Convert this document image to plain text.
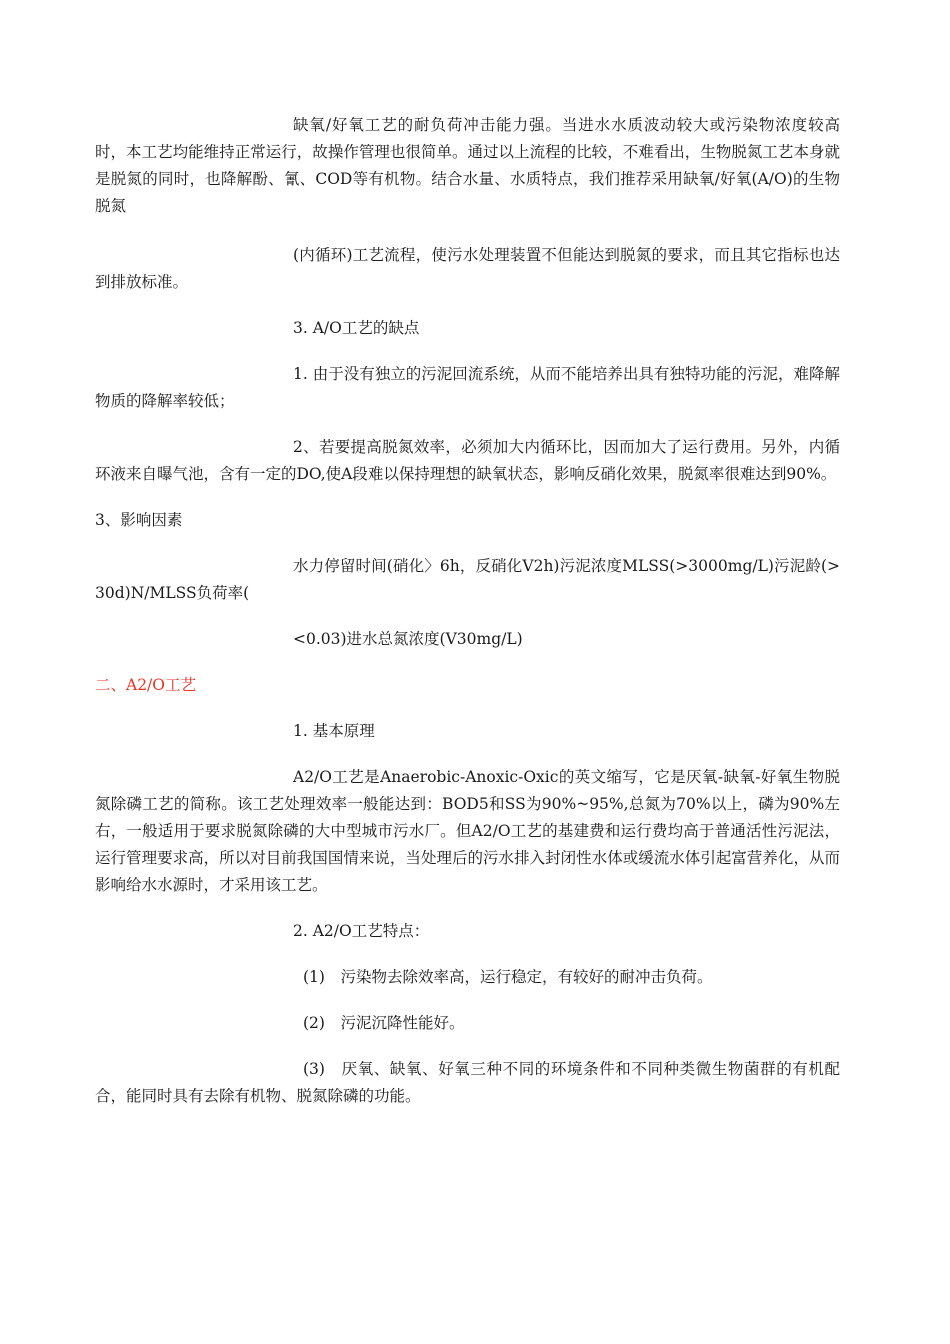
缺氧/好氧工艺的耐负荷冲击能力强。当进水水质波动较大或污染物浓度较高时，本工艺均能维持正常运行，故操作管理也很简单。通过以上流程的比较，不难看出，生物脱氮工艺本身就是脱氮的同时，也降解酚、氰、COD等有机物。结合水量、水质特点，我们推荐采用缺氧/好氧(A/O)的生物脱氮

(内循环)工艺流程，使污水处理装置不但能达到脱氮的要求，而且其它指标也达到排放标准。

3. A/O工艺的缺点

1. 由于没有独立的污泥回流系统，从而不能培养出具有独特功能的污泥，难降解物质的降解率较低；

2、若要提高脱氮效率，必须加大内循环比，因而加大了运行费用。另外，内循环液来自曝气池，含有一定的DO,使A段难以保持理想的缺氧状态，影响反硝化效果，脱氮率很难达到90%。

3、影响因素

水力停留时间(硝化〉6h，反硝化V2h)污泥浓度MLSS(>3000mg/L)污泥龄(>30d)N/MLSS负荷率(

<0.03)进水总氮浓度(V30mg/L)

二、A2/O工艺

1. 基本原理

A2/O工艺是Anaerobic-Anoxic-Oxic的英文缩写，它是厌氧-缺氧-好氧生物脱氮除磷工艺的简称。该工艺处理效率一般能达到：BOD5和SS为90%~95%,总氮为70%以上，磷为90%左右，一般适用于要求脱氮除磷的大中型城市污水厂。但A2/O工艺的基建费和运行费均高于普通活性污泥法，运行管理要求高，所以对目前我国国情来说，当处理后的污水排入封闭性水体或缓流水体引起富营养化，从而影响给水水源时，才采用该工艺。

2. A2/O工艺特点：

(1)　污染物去除效率高，运行稳定，有较好的耐冲击负荷。

(2)　污泥沉降性能好。

(3)　厌氧、缺氧、好氧三种不同的环境条件和不同种类微生物菌群的有机配合，能同时具有去除有机物、脱氮除磷的功能。
